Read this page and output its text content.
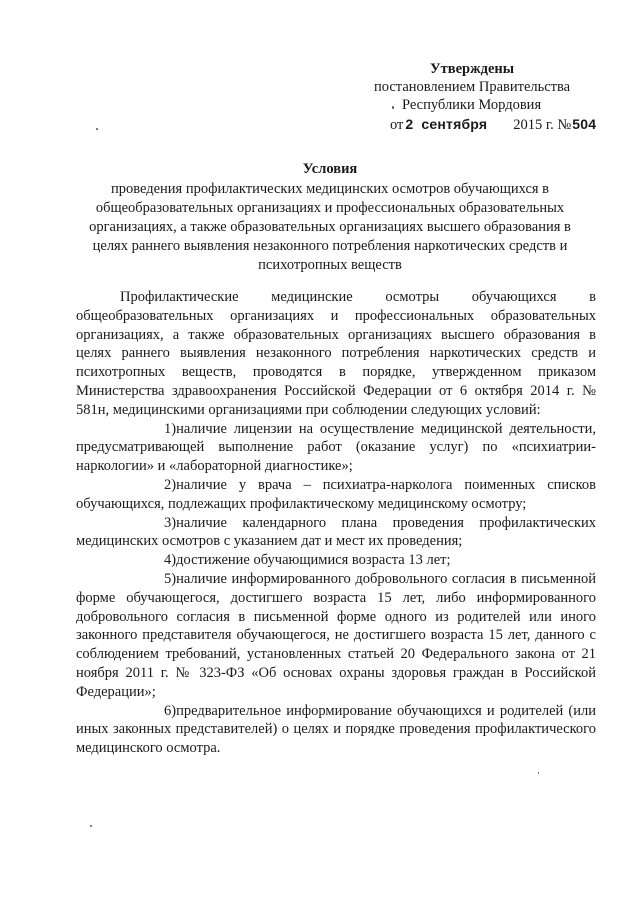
Утверждены
постановлением Правительства
Республики Мордовия
от 2 сентября 2015 г. №504
Условия
проведения профилактических медицинских осмотров обучающихся в
общеобразовательных организациях и профессиональных образовательных
организациях, а также образовательных организациях высшего образования в
целях раннего выявления незаконного потребления наркотических средств и
психотропных веществ

Профилактические медицинские осмотры обучающихся в общеобразовательных организациях и профессиональных образовательных организациях, а также образовательных организациях высшего образования в целях раннего выявления незаконного потребления наркотических средств и психотропных веществ, проводятся в порядке, утвержденном приказом Министерства здравоохранения Российской Федерации от 6 октября 2014 г. № 581н, медицинскими организациями при соблюдении следующих условий:

1)наличие лицензии на осуществление медицинской деятельности, предусматривающей выполнение работ (оказание услуг) по «психиатрии-наркологии» и «лабораторной диагностике»;

2)наличие у врача – психиатра-нарколога поименных списков обучающихся, подлежащих профилактическому медицинскому осмотру;

3)наличие календарного плана проведения профилактических медицинских осмотров с указанием дат и мест их проведения;

4)достижение обучающимися возраста 13 лет;

5)наличие информированного добровольного согласия в письменной форме обучающегося, достигшего возраста 15 лет, либо информированного добровольного согласия в письменной форме одного из родителей или иного законного представителя обучающегося, не достигшего возраста 15 лет, данного с соблюдением требований, установленных статьей 20 Федерального закона от 21 ноября 2011 г. № 323-ФЗ «Об основах охраны здоровья граждан в Российской Федерации»;

6)предварительное информирование обучающихся и родителей (или иных законных представителей) о целях и порядке проведения профилактического медицинского осмотра.
